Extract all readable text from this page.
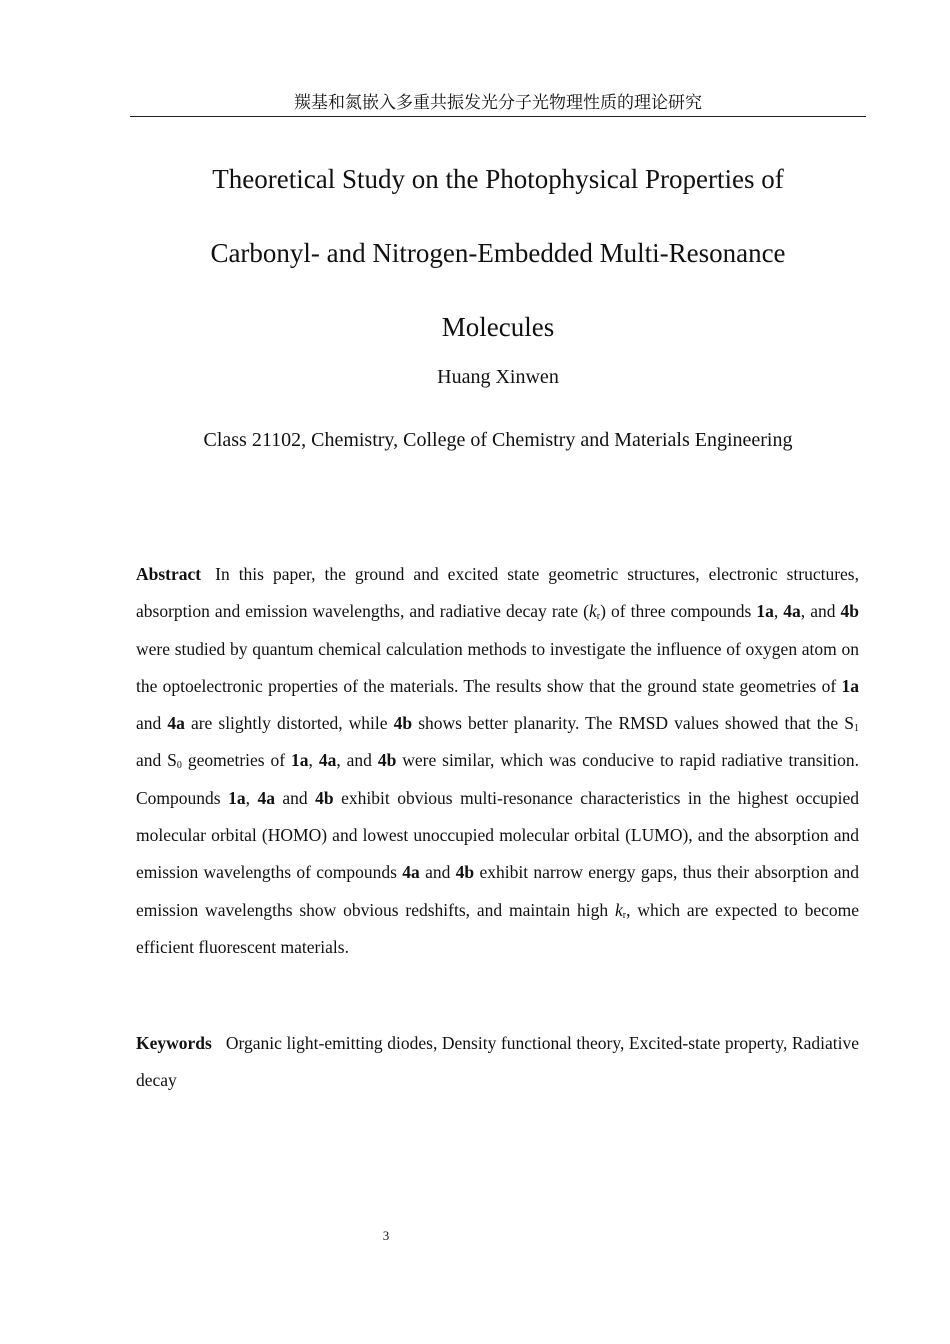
羰基和氮嵌入多重共振发光分子光物理性质的理论研究
Theoretical Study on the Photophysical Properties of
Carbonyl- and Nitrogen-Embedded Multi-Resonance
Molecules
Huang Xinwen
Class 21102, Chemistry, College of Chemistry and Materials Engineering

Abstract In this paper, the ground and excited state geometric structures, electronic structures, absorption and emission wavelengths, and radiative decay rate $(k_r)$ of three compounds 1a, 4a, and 4b were studied by quantum chemical calculation methods to investigate the influence of oxygen atom on the optoelectronic properties of the materials. The results show that the ground state geometries of 1a and 4a are slightly distorted, while 4b shows better planarity. The RMSD values showed that the $S_1$ and $S_0$ geometries of 1a, 4a, and 4b were similar, which was conducive to rapid radiative transition. Compounds 1a, 4a and 4b exhibit obvious multi-resonance characteristics in the highest occupied molecular orbital (HOMO) and lowest unoccupied molecular orbital (LUMO), and the absorption and emission wavelengths of compounds 4a and 4b exhibit narrow energy gaps, thus their absorption and emission wavelengths show obvious redshifts, and maintain high $k_r$, which are expected to become efficient fluorescent materials.

Keywords Organic light-emitting diodes, Density functional theory, Excited-state property, Radiative decay

3
